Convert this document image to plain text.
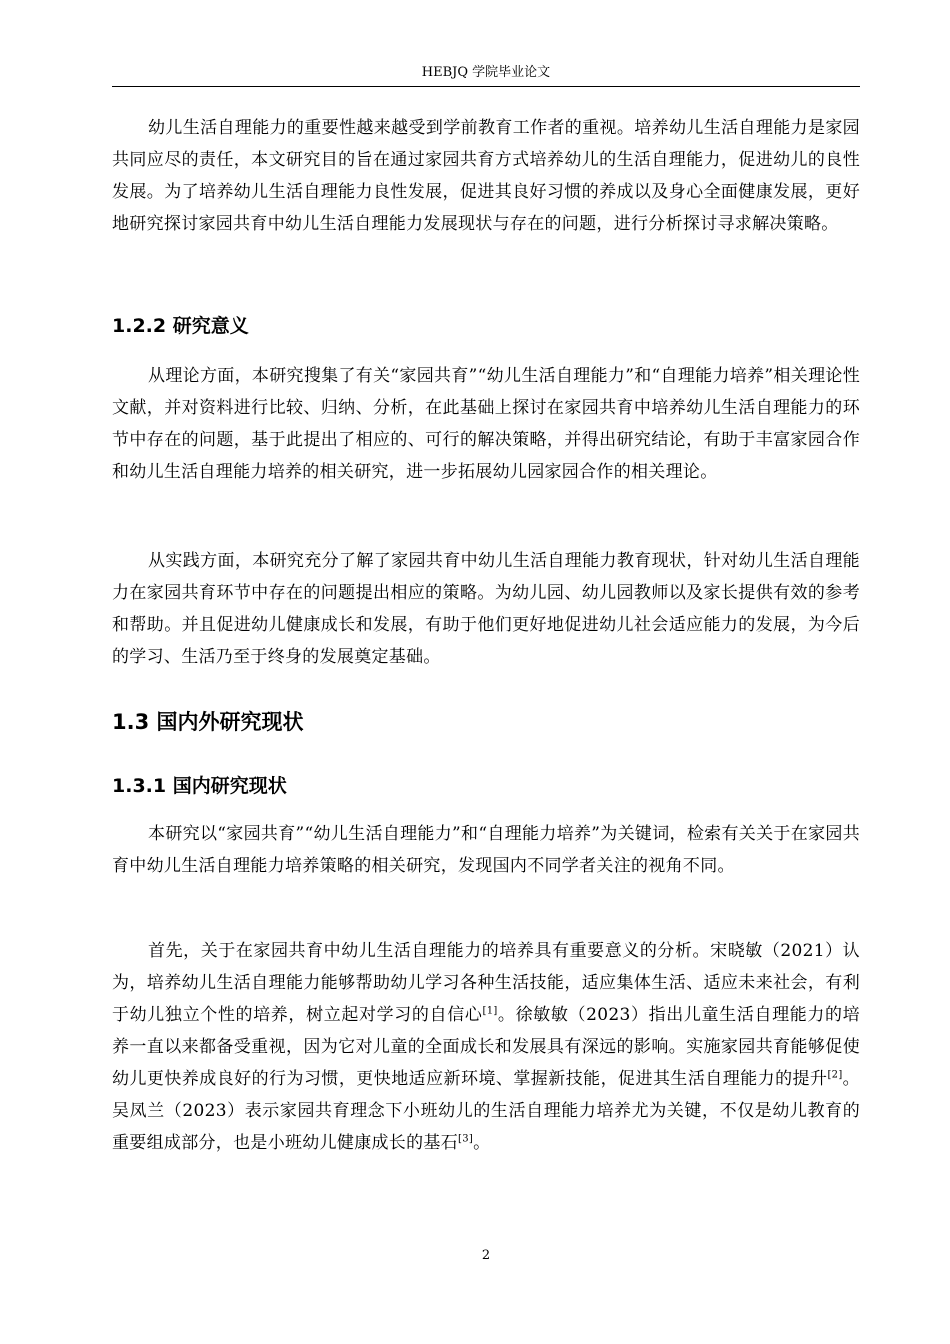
HEBJQ 学院毕业论文

幼儿生活自理能力的重要性越来越受到学前教育工作者的重视。培养幼儿生活自理能力是家园共同应尽的责任，本文研究目的旨在通过家园共育方式培养幼儿的生活自理能力，促进幼儿的良性发展。为了培养幼儿生活自理能力良性发展，促进其良好习惯的养成以及身心全面健康发展，更好地研究探讨家园共育中幼儿生活自理能力发展现状与存在的问题，进行分析探讨寻求解决策略。

1.2.2 研究意义

从理论方面，本研究搜集了有关“家园共育”“幼儿生活自理能力”和“自理能力培养”相关理论性文献，并对资料进行比较、归纳、分析，在此基础上探讨在家园共育中培养幼儿生活自理能力的环节中存在的问题，基于此提出了相应的、可行的解决策略，并得出研究结论，有助于丰富家园合作和幼儿生活自理能力培养的相关研究，进一步拓展幼儿园家园合作的相关理论。

从实践方面，本研究充分了解了家园共育中幼儿生活自理能力教育现状，针对幼儿生活自理能力在家园共育环节中存在的问题提出相应的策略。为幼儿园、幼儿园教师以及家长提供有效的参考和帮助。并且促进幼儿健康成长和发展，有助于他们更好地促进幼儿社会适应能力的发展，为今后的学习、生活乃至于终身的发展奠定基础。

1.3 国内外研究现状
1.3.1 国内研究现状

本研究以“家园共育”“幼儿生活自理能力”和“自理能力培养”为关键词，检索有关关于在家园共育中幼儿生活自理能力培养策略的相关研究，发现国内不同学者关注的视角不同。

首先，关于在家园共育中幼儿生活自理能力的培养具有重要意义的分析。宋晓敏（2021）认为，培养幼儿生活自理能力能够帮助幼儿学习各种生活技能，适应集体生活、适应未来社会，有利于幼儿独立个性的培养，树立起对学习的自信心[1]。徐敏敏（2023）指出儿童生活自理能力的培养一直以来都备受重视，因为它对儿童的全面成长和发展具有深远的影响。实施家园共育能够促使幼儿更快养成良好的行为习惯，更快地适应新环境、掌握新技能，促进其生活自理能力的提升[2]。吴凤兰（2023）表示家园共育理念下小班幼儿的生活自理能力培养尤为关键，不仅是幼儿教育的重要组成部分，也是小班幼儿健康成长的基石[3]。

2
